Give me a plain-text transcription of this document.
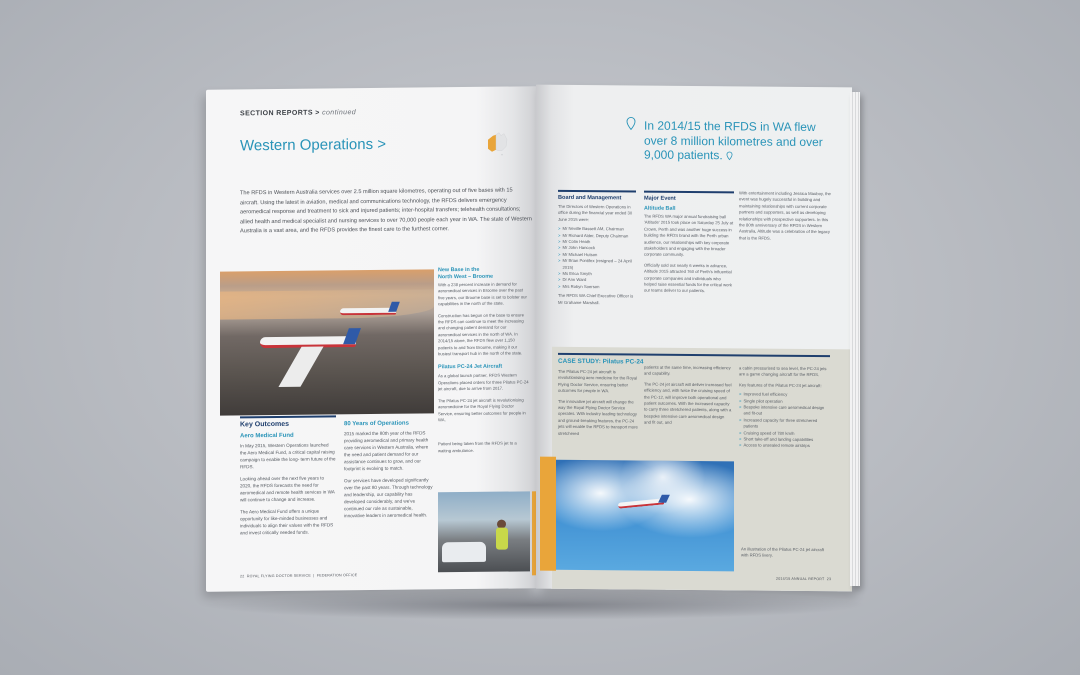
SECTION REPORTS > continued
Western Operations >
The RFDS in Western Australia services over 2.5 million square kilometres, operating out of five bases with 15 aircraft. Using the latest in aviation, medical and communications technology, the RFDS delivers emergency aeromedical response and treatment to sick and injured patients; inter-hospital transfers; telehealth consultations; allied health and medical specialist and nursing services to over 70,000 people each year in WA. The state of Western Australia is a vast area, and the RFDS provides the finest care to the furthest corner.
New Base in the
North West – Broome

With a 238 percent increase in demand for aeromedical services in Broome over the past five years, our Broome base is set to bolster our capabilities in the north of the state.

Construction has begun on the base to ensure the RFDS can continue to meet the increasing and changing patient demand for our aeromedical services in the north of WA. In 2014/15 alone, the RFDS flew over 1,150 patients to and from Broome, making it our busiest transport hub in the north of the state.

Pilatus PC-24 Jet Aircraft

As a global launch partner, RFDS Western Operations placed orders for three Pilatus PC-24 jet aircraft, due to arrive from 2017.

The Pilatus PC-24 jet aircraft is revolutionising aeromedicine for the Royal Flying Doctor Service, ensuring better outcomes for people in WA.

Patient being taken from the RFDS jet to a waiting ambulance.

Key Outcomes
Aero Medical Fund

In May 2015, Western Operations launched the Aero Medical Fund, a critical capital raising campaign to enable the long- term future of the RFDS.

Looking ahead over the next five years to 2020, the RFDS forecasts the need for aeromedical and remote health services in WA will continue to change and increase.

The Aero Medical Fund offers a unique opportunity for like-minded businesses and individuals to align their values with the RFDS and invest critically needed funds.

80 Years of Operations

2015 marked the 80th year of the RFDS providing aeromedical and primary health care services in Western Australia, where the need and patient demand for our assistance continues to grow, and our footprint is evolving to match.

Our services have developed significantly over the past 80 years. Through technology and leadership, our capability has developed considerably, and we've continued our role as sustainable, innovative leaders in aeromedical health.

22 ROYAL FLYING DOCTOR SERVICE | FEDERATION OFFICE
In 2014/15 the RFDS in WA flew over 8 million kilometres and over 9,000 patients.
Board and Management

The Directors of Western Operations in office during the financial year ended 30 June 2015 were:

> Mr Neville Bassett AM, Chairman
> Mr Richard Alder, Deputy Chairman
> Mr Colin Heath
> Mr John Hancock
> Mr Michael Hutson
> Mr Brian Pontifex (resigned – 24 April 2015)
> Ms Erica Smyth
> Dr Ann Ward
> Mrs Robyn Soerson

The RFDS WA Chief Executive Officer is Mr Grahame Marshall.

Major Event
Altitude Ball

The RFDS WA major annual fundraising ball 'Altitude' 2015 took place on Saturday 25 July at Crown, Perth and was another huge success in building the RFDS brand with the Perth urban audience, our relationships with key corporate stakeholders and engaging with the broader corporate community.

Officially sold out nearly 6 weeks in advance, Altitude 2015 attracted 760 of Perth's influential corporate companies and individuals who helped raise essential funds for the critical work our teams deliver to our patients.

With entertainment including Jessica Mauboy, the event was hugely successful in building and maintaining relationships with current corporate partners and supporters, as well as developing relationships with prospective supporters. In this the 80th anniversary of the RFDS in Western Australia, Altitude was a celebration of the legacy that is the RFDS.

CASE STUDY: Pilatus PC-24

The Pilatus PC-24 jet aircraft is revolutionising aero medicine for the Royal Flying Doctor Service, ensuring better outcomes for people in WA.

The innovative jet aircraft will change the way the Royal Flying Doctor Service operates. With industry leading technology and ground-breaking features, the PC-24 jets will enable the RFDS to transport more stretchered

patients at the same time, increasing efficiency and capability.

The PC-24 jet aircraft will deliver increased fuel efficiency and, with twice the cruising speed of the PC-12, will improve both operational and patient outcomes. With the increased capacity to carry three stretchered patients, along with a bespoke intensive care aeromedical design and fit out, and

a cabin pressurised to sea level, the PC-24 jets are a game changing aircraft for the RFDS.

Key features of the Pilatus PC-24 jet aircraft:

> Improved fuel efficiency
> Single pilot operation
> Bespoke intensive care aeromedical design and fit-out
> Increased capacity for three stretchered patients
> Cruising speed of 780 km/h
> Short take-off and landing capabilities
> Access to unsealed remote airstrips

An illustration of the Pilatus PC-24 jet aircraft with RFDS livery.

2014/15 ANNUAL REPORT 23
